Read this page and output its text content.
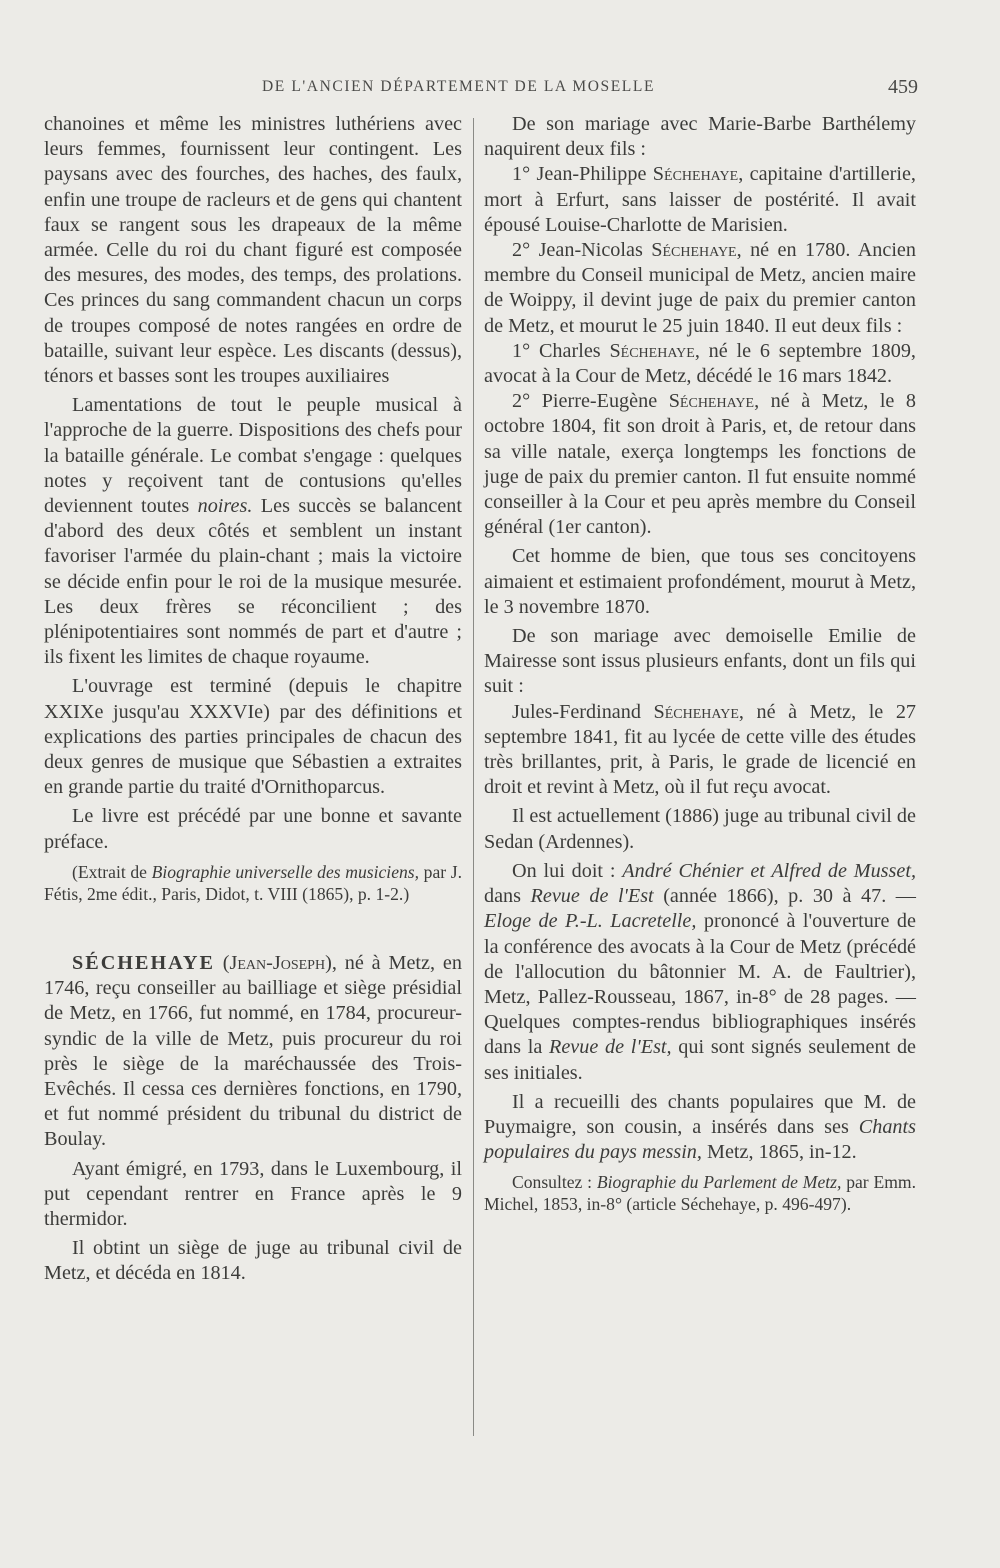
DE L'ANCIEN DÉPARTEMENT DE LA MOSELLE	459

chanoines et même les ministres luthériens avec leurs femmes, fournissent leur contingent. Les paysans avec des fourches, des haches, des faulx, enfin une troupe de racleurs et de gens qui chantent faux se rangent sous les drapeaux de la même armée. Celle du roi du chant figuré est composée des mesures, des modes, des temps, des prolations. Ces princes du sang commandent chacun un corps de troupes composé de notes rangées en ordre de bataille, suivant leur espèce. Les discants (dessus), ténors et basses sont les troupes auxiliaires

Lamentations de tout le peuple musical à l'approche de la guerre. Dispositions des chefs pour la bataille générale. Le combat s'engage : quelques notes y reçoivent tant de contusions qu'elles deviennent toutes noires. Les succès se balancent d'abord des deux côtés et semblent un instant favoriser l'armée du plain-chant ; mais la victoire se décide enfin pour le roi de la musique mesurée. Les deux frères se réconcilient ; des plénipotentiaires sont nommés de part et d'autre ; ils fixent les limites de chaque royaume.

L'ouvrage est terminé (depuis le chapitre XXIXe jusqu'au XXXVIe) par des définitions et explications des parties principales de chacun des deux genres de musique que Sébastien a extraites en grande partie du traité d'Ornithoparcus.

Le livre est précédé par une bonne et savante préface.

(Extrait de Biographie universelle des musiciens, par J. Fétis, 2me édit., Paris, Didot, t. VIII (1865), p. 1-2.)

SÉCHEHAYE (Jean-Joseph), né à Metz, en 1746, reçu conseiller au bailliage et siège présidial de Metz, en 1766, fut nommé, en 1784, procureur-syndic de la ville de Metz, puis procureur du roi près le siège de la maréchaussée des Trois-Evêchés. Il cessa ces dernières fonctions, en 1790, et fut nommé président du tribunal du district de Boulay.

Ayant émigré, en 1793, dans le Luxembourg, il put cependant rentrer en France après le 9 thermidor.

Il obtint un siège de juge au tribunal civil de Metz, et décéda en 1814.

De son mariage avec Marie-Barbe Barthélemy naquirent deux fils :

1° Jean-Philippe Séchehaye, capitaine d'artillerie, mort à Erfurt, sans laisser de postérité. Il avait épousé Louise-Charlotte de Marisien.

2° Jean-Nicolas Séchehaye, né en 1780. Ancien membre du Conseil municipal de Metz, ancien maire de Woippy, il devint juge de paix du premier canton de Metz, et mourut le 25 juin 1840. Il eut deux fils :

1° Charles Séchehaye, né le 6 septembre 1809, avocat à la Cour de Metz, décédé le 16 mars 1842.

2° Pierre-Eugène Séchehaye, né à Metz, le 8 octobre 1804, fit son droit à Paris, et, de retour dans sa ville natale, exerça longtemps les fonctions de juge de paix du premier canton. Il fut ensuite nommé conseiller à la Cour et peu après membre du Conseil général (1er canton).

Cet homme de bien, que tous ses concitoyens aimaient et estimaient profondément, mourut à Metz, le 3 novembre 1870.

De son mariage avec demoiselle Emilie de Mairesse sont issus plusieurs enfants, dont un fils qui suit :

Jules-Ferdinand Séchehaye, né à Metz, le 27 septembre 1841, fit au lycée de cette ville des études très brillantes, prit, à Paris, le grade de licencié en droit et revint à Metz, où il fut reçu avocat.

Il est actuellement (1886) juge au tribunal civil de Sedan (Ardennes).

On lui doit : André Chénier et Alfred de Musset, dans Revue de l'Est (année 1866), p. 30 à 47. — Eloge de P.-L. Lacretelle, prononcé à l'ouverture de la conférence des avocats à la Cour de Metz (précédé de l'allocution du bâtonnier M. A. de Faultrier), Metz, Pallez-Rousseau, 1867, in-8° de 28 pages. — Quelques comptes-rendus bibliographiques insérés dans la Revue de l'Est, qui sont signés seulement de ses initiales.

Il a recueilli des chants populaires que M. de Puymaigre, son cousin, a insérés dans ses Chants populaires du pays messin, Metz, 1865, in-12.

Consultez : Biographie du Parlement de Metz, par Emm. Michel, 1853, in-8° (article Séchehaye, p. 496-497).
